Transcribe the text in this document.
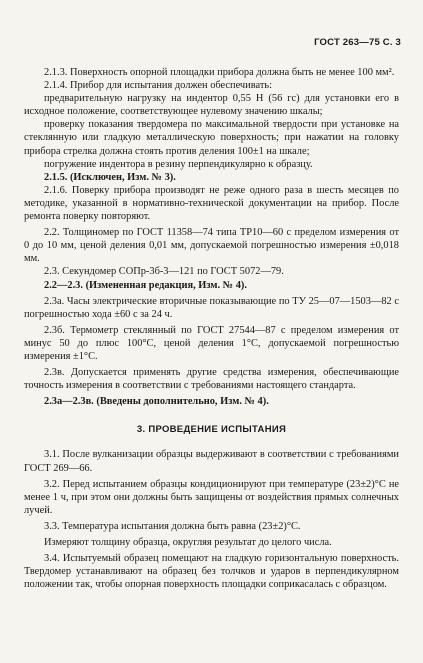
ГОСТ 263—75 С. 3

2.1.3. Поверхность опорной площадки прибора должна быть не менее 100 мм².

2.1.4. Прибор для испытания должен обеспечивать:

предварительную нагрузку на индентор 0,55 Н (56 гс) для установки его в исходное положение, соответствующее нулевому значению шкалы;

проверку показания твердомера по максимальной твердости при установке на стеклянную или гладкую металлическую поверхность; при нажатии на головку прибора стрелка должна стоять против деления 100±1 на шкале;

погружение индентора в резину перпендикулярно к образцу.

2.1.5. (Исключен, Изм. № 3).

2.1.6. Поверку прибора производят не реже одного раза в шесть месяцев по методике, указанной в нормативно-технической документации на прибор. После ремонта поверку повторяют.

2.2. Толщиномер по ГОСТ 11358—74 типа ТР10—60 с пределом измерения от 0 до 10 мм, ценой деления 0,01 мм, допускаемой погрешностью измерения ±0,018 мм.

2.3. Секундомер СОПр-3б-3—121 по ГОСТ 5072—79.

2.2—2.3. (Измененная редакция, Изм. № 4).

2.3а. Часы электрические вторичные показывающие по ТУ 25—07—1503—82 с погрешностью хода ±60 с за 24 ч.

2.3б. Термометр стеклянный по ГОСТ 27544—87 с пределом измерения от минус 50 до плюс 100°С, ценой деления 1°С, допускаемой погрешностью измерения ±1°С.

2.3в. Допускается применять другие средства измерения, обеспечивающие точность измерения в соответствии с требованиями настоящего стандарта.

2.3а—2.3в. (Введены дополнительно, Изм. № 4).

3. ПРОВЕДЕНИЕ ИСПЫТАНИЯ

3.1. После вулканизации образцы выдерживают в соответствии с требованиями ГОСТ 269—66.

3.2. Перед испытанием образцы кондиционируют при температуре (23±2)°С не менее 1 ч, при этом они должны быть защищены от воздействия прямых солнечных лучей.

3.3. Температура испытания должна быть равна (23±2)°С.

Измеряют толщину образца, округляя результат до целого числа.

3.4. Испытуемый образец помещают на гладкую горизонтальную поверхность. Твердомер устанавливают на образец без толчков и ударов в перпендикулярном положении так, чтобы опорная поверхность площадки соприкасалась с образцом.
